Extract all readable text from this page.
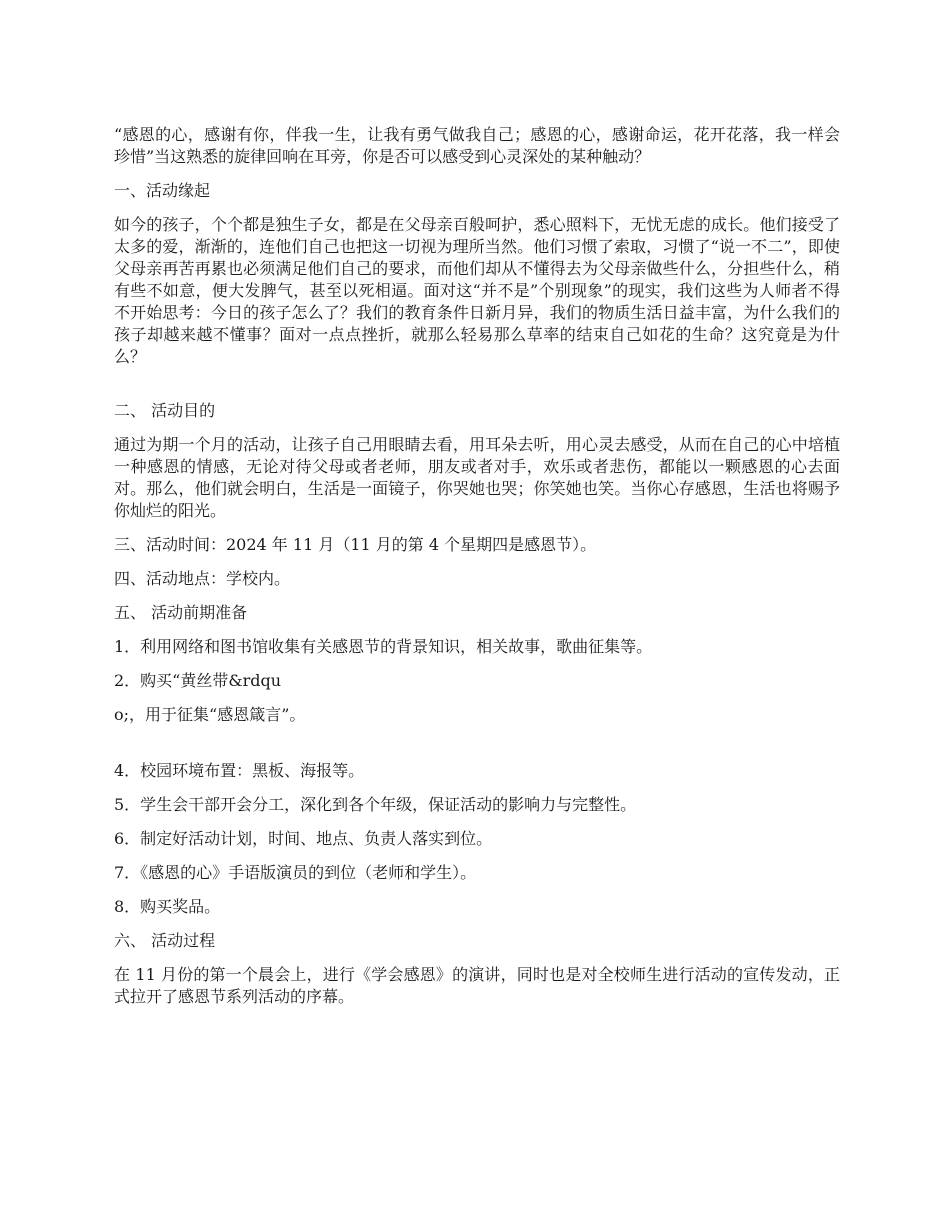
“感恩的心，感谢有你，伴我一生，让我有勇气做我自己；感恩的心，感谢命运，花开花落，我一样会珍惜”当这熟悉的旋律回响在耳旁，你是否可以感受到心灵深处的某种触动？

一、活动缘起

如今的孩子，个个都是独生子女，都是在父母亲百般呵护，悉心照料下，无忧无虑的成长。他们接受了太多的爱，渐渐的，连他们自己也把这一切视为理所当然。他们习惯了索取，习惯了“说一不二”，即使父母亲再苦再累也必须满足他们自己的要求，而他们却从不懂得去为父母亲做些什么，分担些什么，稍有些不如意，便大发脾气，甚至以死相逼。面对这“并不是”个别现象”的现实，我们这些为人师者不得不开始思考：今日的孩子怎么了？我们的教育条件日新月异，我们的物质生活日益丰富，为什么我们的孩子却越来越不懂事？面对一点点挫折，就那么轻易那么草率的结束自己如花的生命？这究竟是为什么？

二、 活动目的

通过为期一个月的活动，让孩子自己用眼睛去看，用耳朵去听，用心灵去感受，从而在自己的心中培植一种感恩的情感，无论对待父母或者老师，朋友或者对手，欢乐或者悲伤，都能以一颗感恩的心去面对。那么，他们就会明白，生活是一面镜子，你哭她也哭；你笑她也笑。当你心存感恩，生活也将赐予你灿烂的阳光。

三、活动时间：2024 年 11 月（11 月的第 4 个星期四是感恩节）。

四、活动地点：学校内。

五、 活动前期准备

1．利用网络和图书馆收集有关感恩节的背景知识，相关故事，歌曲征集等。

2．购买“黄丝带&rdqu

o;，用于征集“感恩箴言”。

4．校园环境布置：黑板、海报等。

5．学生会干部开会分工，深化到各个年级，保证活动的影响力与完整性。

6．制定好活动计划，时间、地点、负责人落实到位。

7．《感恩的心》手语版演员的到位（老师和学生）。

8．购买奖品。

六、 活动过程

在 11 月份的第一个晨会上，进行《学会感恩》的演讲，同时也是对全校师生进行活动的宣传发动，正式拉开了感恩节系列活动的序幕。
